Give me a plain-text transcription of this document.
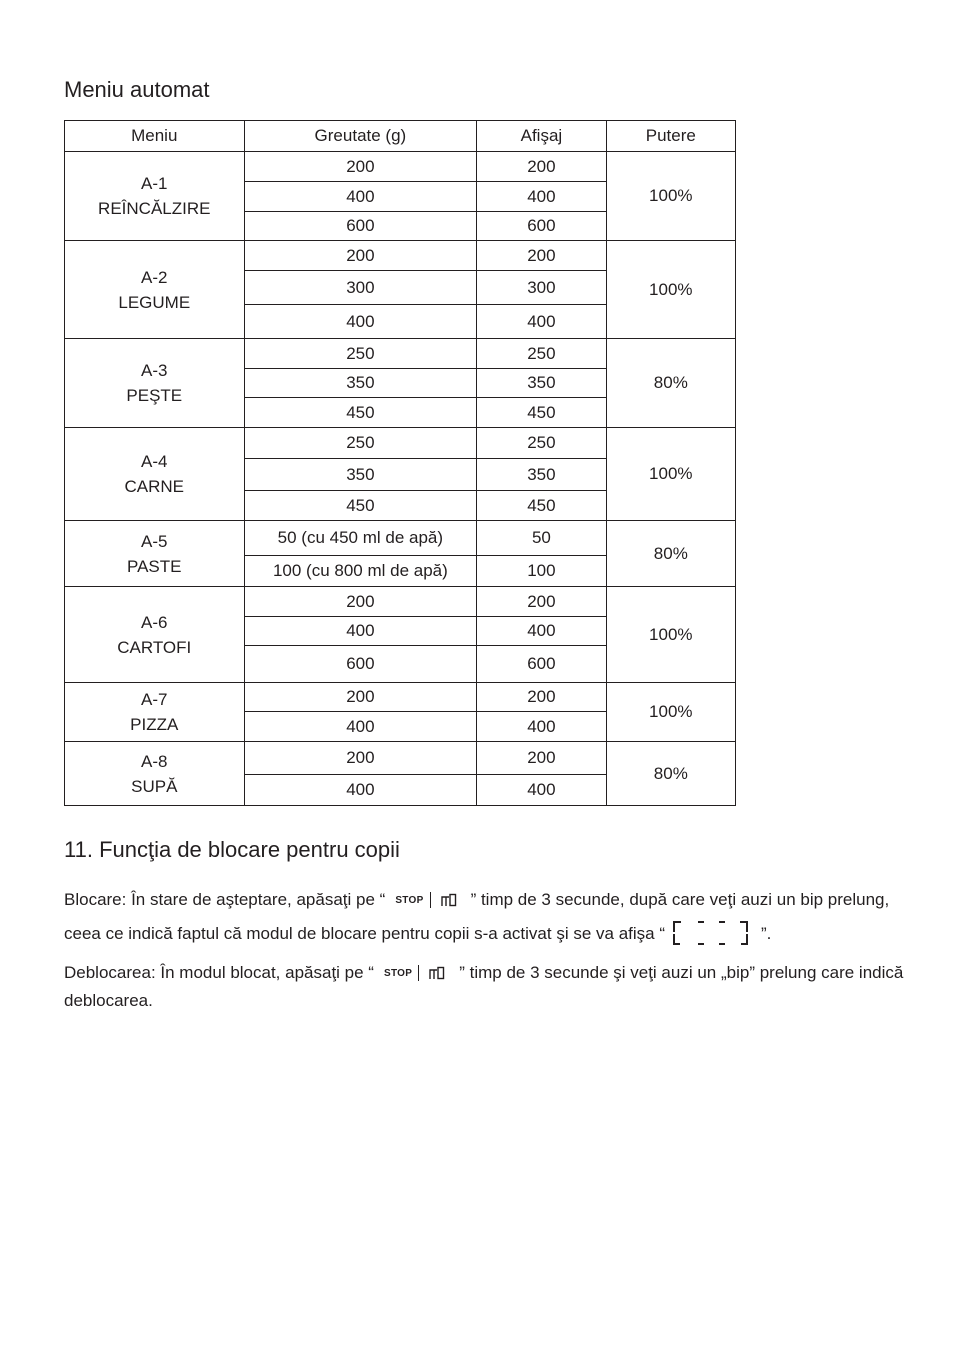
Meniu automat
Meniu	Greutate (g)	Afişaj	Putere

A-1
REÎNCĂLZIRE	200	200	100%
	400	400	
	600	600	

A-2
LEGUME	200	200	100%
	300	300	
	400	400	

A-3
PEŞTE	250	250	80%
	350	350	
	450	450	

A-4
CARNE	250	250	100%
	350	350	
	450	450	

A-5
PASTE	50 (cu 450 ml de apă)	50	80%
	100 (cu 800 ml de apă)	100	

A-6
CARTOFI	200	200	100%
	400	400	
	600	600	

A-7
PIZZA	200	200	100%
	400	400	

A-8
SUPĂ	200	200	80%
	400	400	
11. Funcţia de blocare pentru copii
Blocare: În stare de aşteptare, apăsaţi pe “ STOP	” timp de 3 secunde, după care veţi auzi un bip prelung, ceea ce indică faptul că modul de blocare pentru copii s-a activat şi se va afişa “	”.
Deblocarea: În modul blocat, apăsaţi pe “ STOP	” timp de 3 secunde şi veţi auzi un „bip” prelung care indică deblocarea.
